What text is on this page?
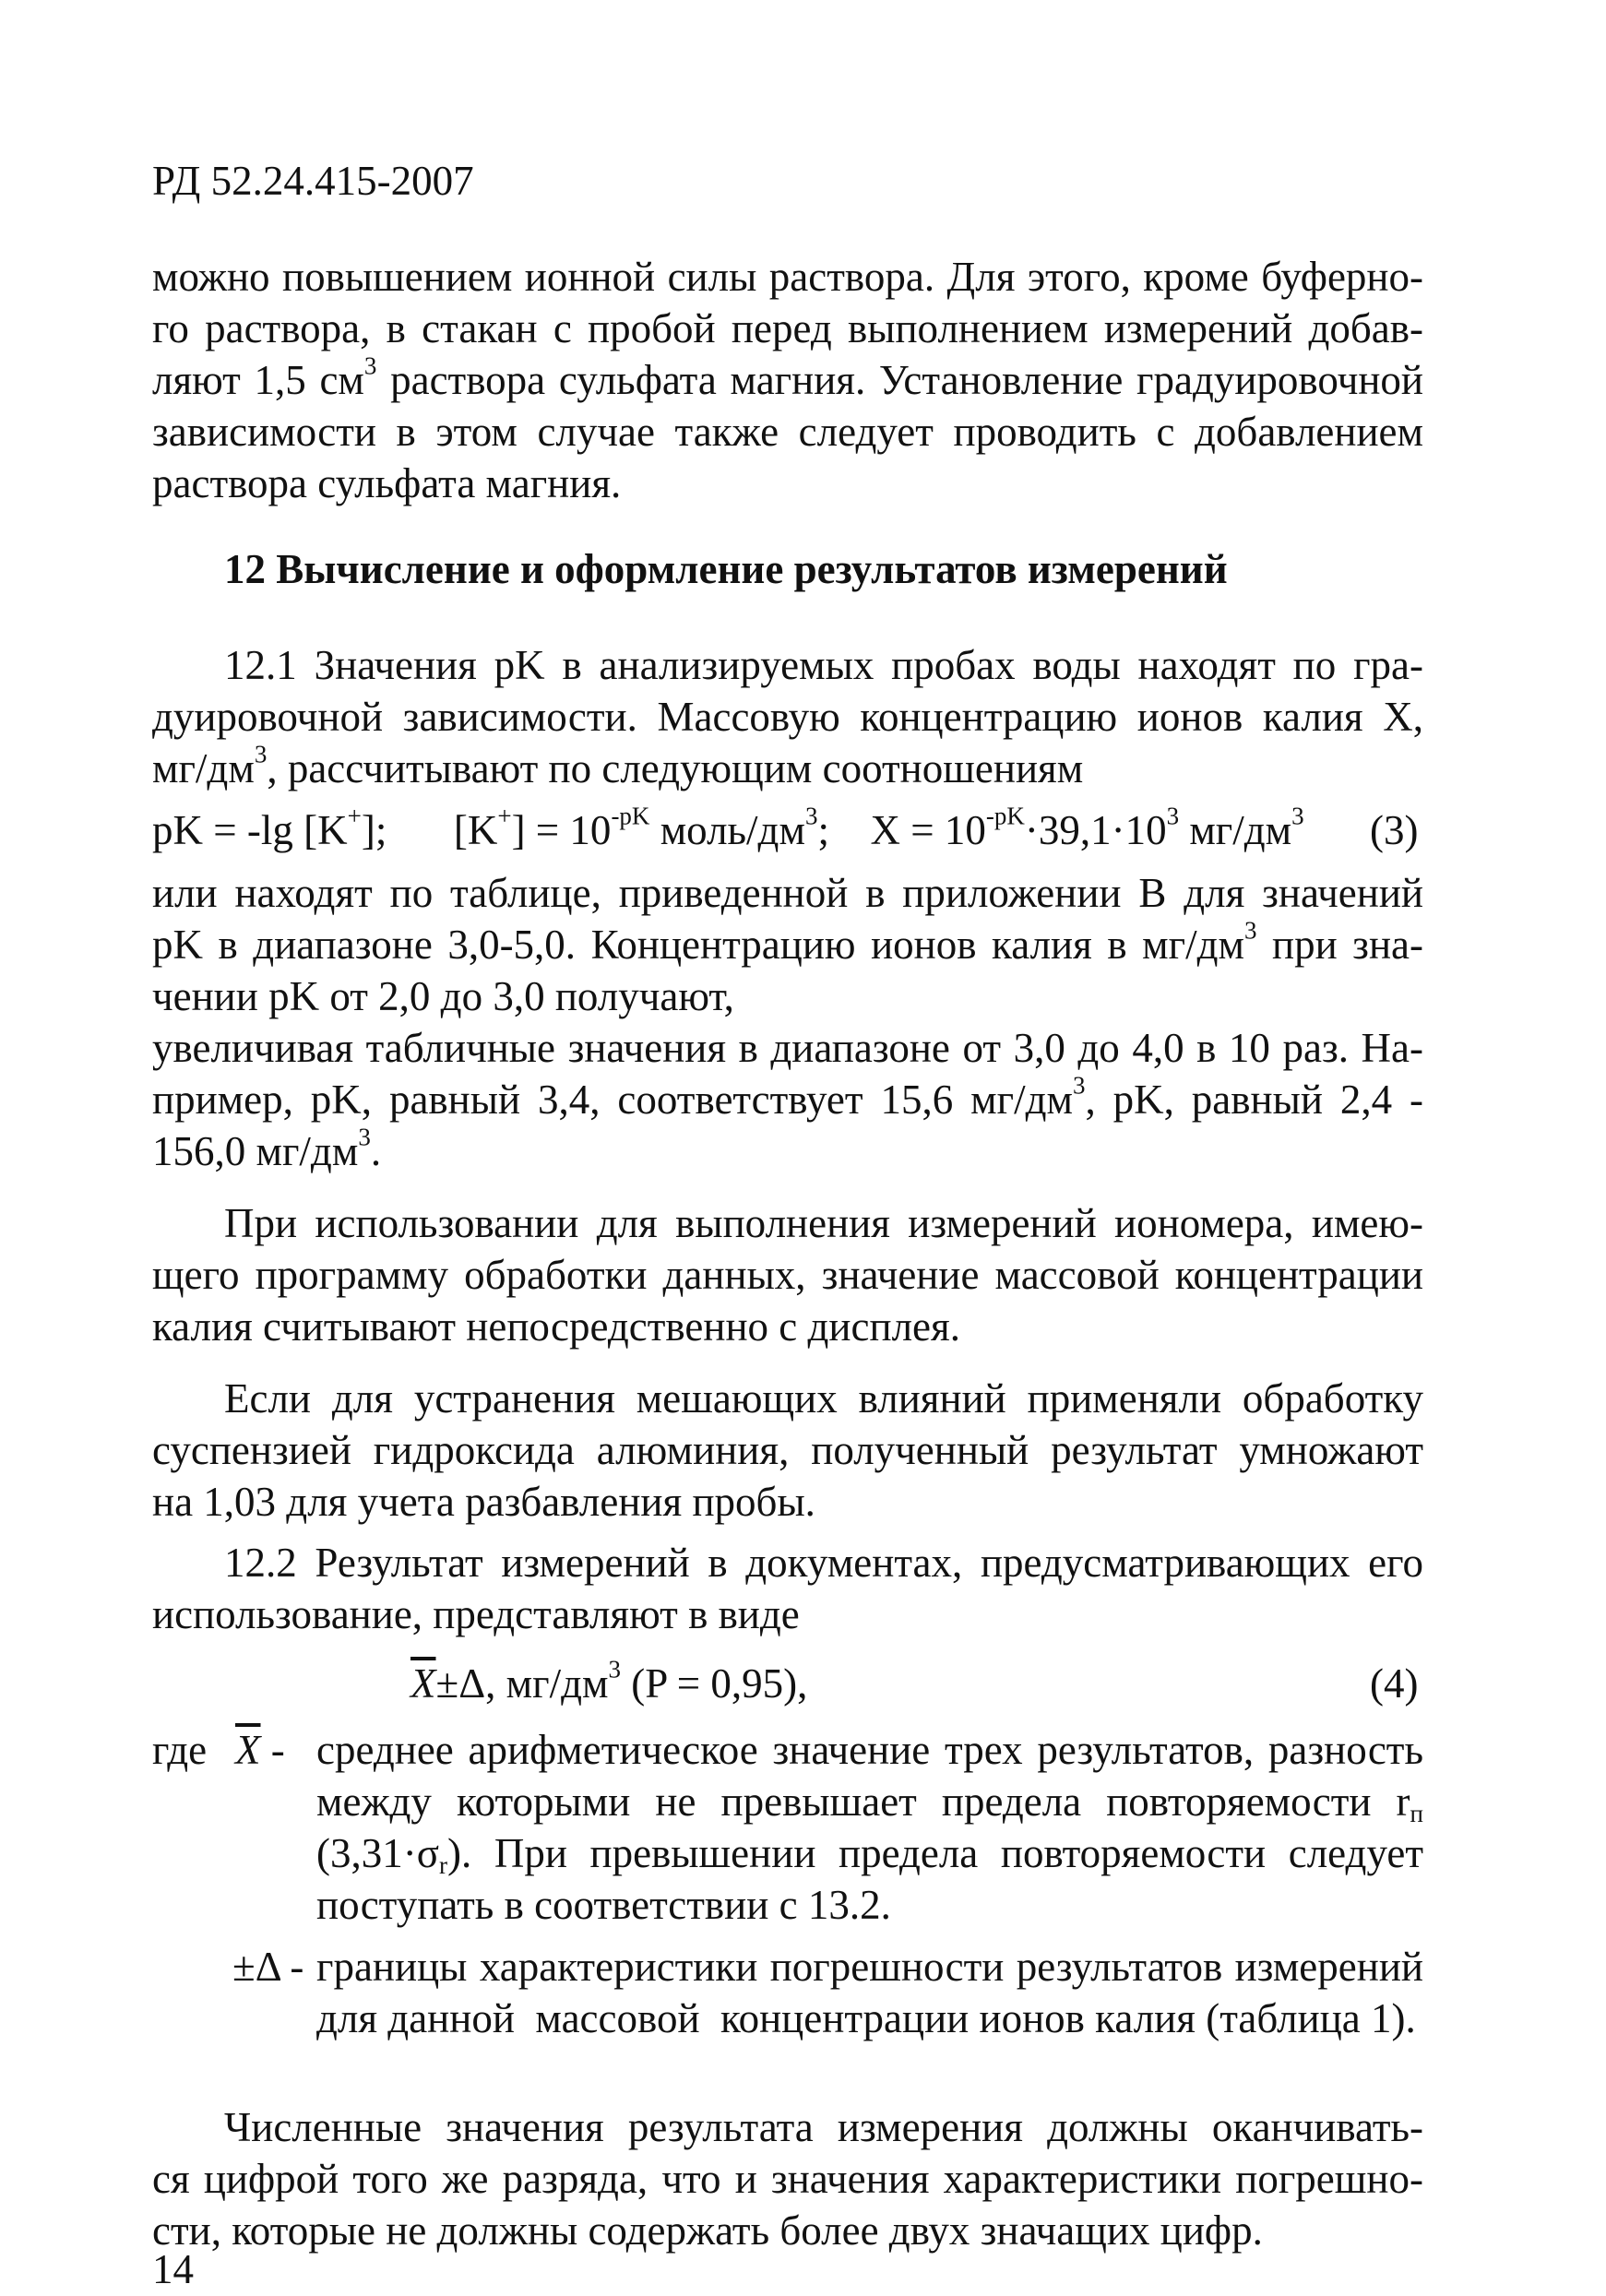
РД 52.24.415-2007
можно повышением ионной силы раствора. Для этого, кроме буферно-
го раствора, в стакан с пробой перед выполнением измерений добав-
ляют 1,5 $см^3$ раствора сульфата магния. Установление градуировочной
зависимости в этом случае также следует проводить с добавлением
раствора сульфата магния.
12 Вычисление и оформление результатов измерений
12.1 Значения pK в анализируемых пробах воды находят по гра-
дуировочной зависимости. Массовую концентрацию ионов калия X,
$мг/дм^3$, рассчитывают по следующим соотношениям
pK = -lg [K+]; $[K^+] = 10^{-pK}$ моль/$дм^3$; $X = 10^{-pK}\cdot 39,1\cdot 10^3$ $мг/дм^3$ (3)
или находят по таблице, приведенной в приложении B для значений
pK в диапазоне 3,0-5,0. Концентрацию ионов калия в $мг/дм^3$ при зна-
чении pK от 2,0 до 3,0 получают,
увеличивая табличные значения в диапазоне от 3,0 до 4,0 в 10 раз. На-
пример, pK, равный 3,4, соответствует 15,6 $мг/дм^3$, pK, равный 2,4 -
156,0 $мг/дм^3$.
При использовании для выполнения измерений иономера, имею-
щего программу обработки данных, значение массовой концентрации
калия считывают непосредственно с дисплея.
Если для устранения мешающих влияний применяли обработку
суспензией гидроксида алюминия, полученный результат умножают
на 1,03 для учета разбавления пробы.
12.2 Результат измерений в документах, предусматривающих его
использование, представляют в виде
$\overline{X}\pm\Delta$, $мг/дм^3$ (P = 0,95),	(4)
где $\overline{X}$ - среднее арифметическое значение трех результатов, разность
между которыми не превышает предела повторяемости $r_п$
$(3,31\cdot\sigma_r)$. При превышении предела повторяемости следует
поступать в соответствии с 13.2.
±Δ - границы характеристики погрешности результатов измерений
для данной  массовой  концентрации ионов калия (таблица 1).
Численные значения результата измерения должны оканчивать-
ся цифрой того же разряда, что и значения характеристики погрешно-
сти, которые не должны содержать более двух значащих цифр.
14
